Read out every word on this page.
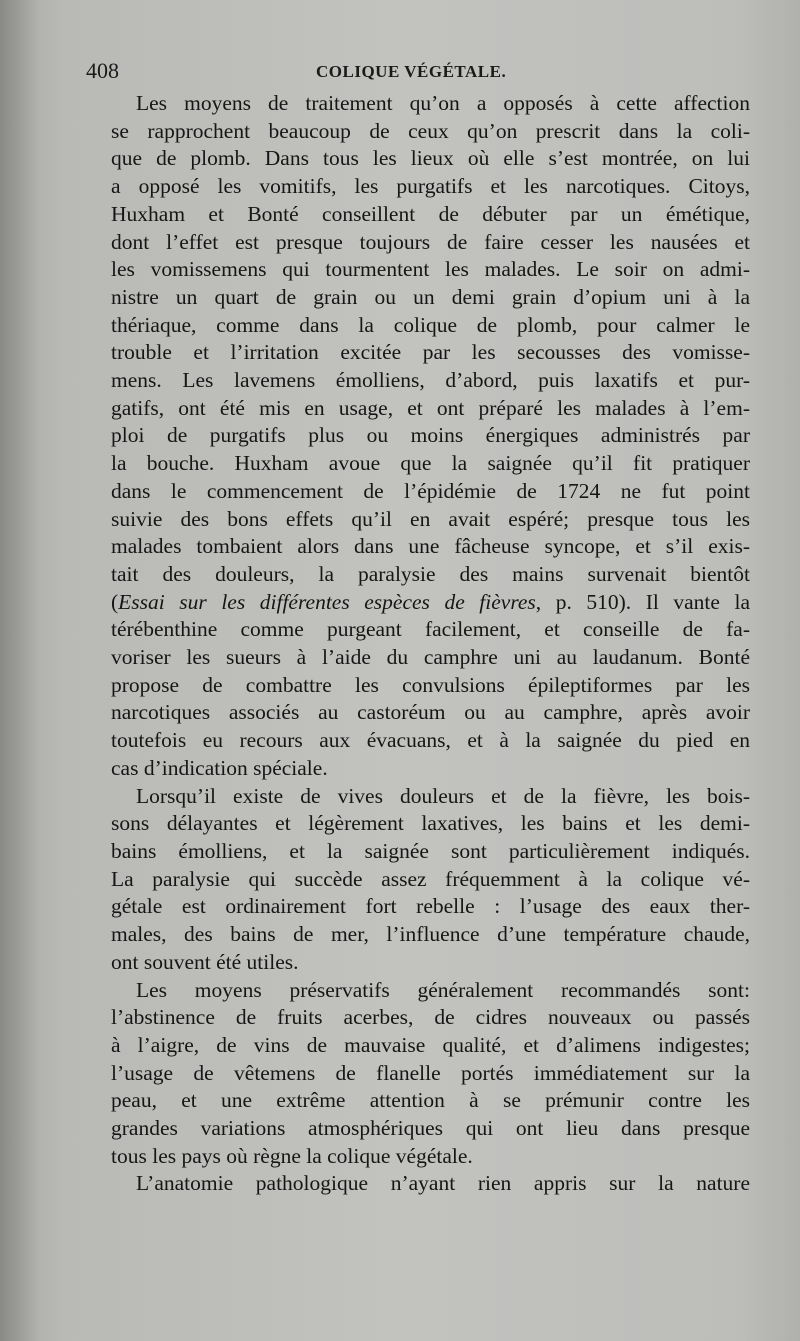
408	COLIQUE VÉGÉTALE.
Les moyens de traitement qu’on a opposés à cette affection
se rapprochent beaucoup de ceux qu’on prescrit dans la coli-
que de plomb. Dans tous les lieux où elle s’est montrée, on lui
a opposé les vomitifs, les purgatifs et les narcotiques. Citoys,
Huxham et Bonté conseillent de débuter par un émétique,
dont l’effet est presque toujours de faire cesser les nausées et
les vomissemens qui tourmentent les malades. Le soir on admi-
nistre un quart de grain ou un demi grain d’opium uni à la
thériaque, comme dans la colique de plomb, pour calmer le
trouble et l’irritation excitée par les secousses des vomisse-
mens. Les lavemens émolliens, d’abord, puis laxatifs et pur-
gatifs, ont été mis en usage, et ont préparé les malades à l’em-
ploi de purgatifs plus ou moins énergiques administrés par
la bouche. Huxham avoue que la saignée qu’il fit pratiquer
dans le commencement de l’épidémie de 1724 ne fut point
suivie des bons effets qu’il en avait espéré; presque tous les
malades tombaient alors dans une fâcheuse syncope, et s’il exis-
tait des douleurs, la paralysie des mains survenait bientôt
(Essai sur les différentes espèces de fièvres, p. 510). Il vante la
térébenthine comme purgeant facilement, et conseille de fa-
voriser les sueurs à l’aide du camphre uni au laudanum. Bonté
propose de combattre les convulsions épileptiformes par les
narcotiques associés au castoréum ou au camphre, après avoir
toutefois eu recours aux évacuans, et à la saignée du pied en
cas d’indication spéciale.
Lorsqu’il existe de vives douleurs et de la fièvre, les bois-
sons délayantes et légèrement laxatives, les bains et les demi-
bains émolliens, et la saignée sont particulièrement indiqués.
La paralysie qui succède assez fréquemment à la colique vé-
gétale est ordinairement fort rebelle : l’usage des eaux ther-
males, des bains de mer, l’influence d’une température chaude,
ont souvent été utiles.
Les moyens préservatifs généralement recommandés sont:
l’abstinence de fruits acerbes, de cidres nouveaux ou passés
à l’aigre, de vins de mauvaise qualité, et d’alimens indigestes;
l’usage de vêtemens de flanelle portés immédiatement sur la
peau, et une extrême attention à se prémunir contre les
grandes variations atmosphériques qui ont lieu dans presque
tous les pays où règne la colique végétale.
L’anatomie pathologique n’ayant rien appris sur la nature
